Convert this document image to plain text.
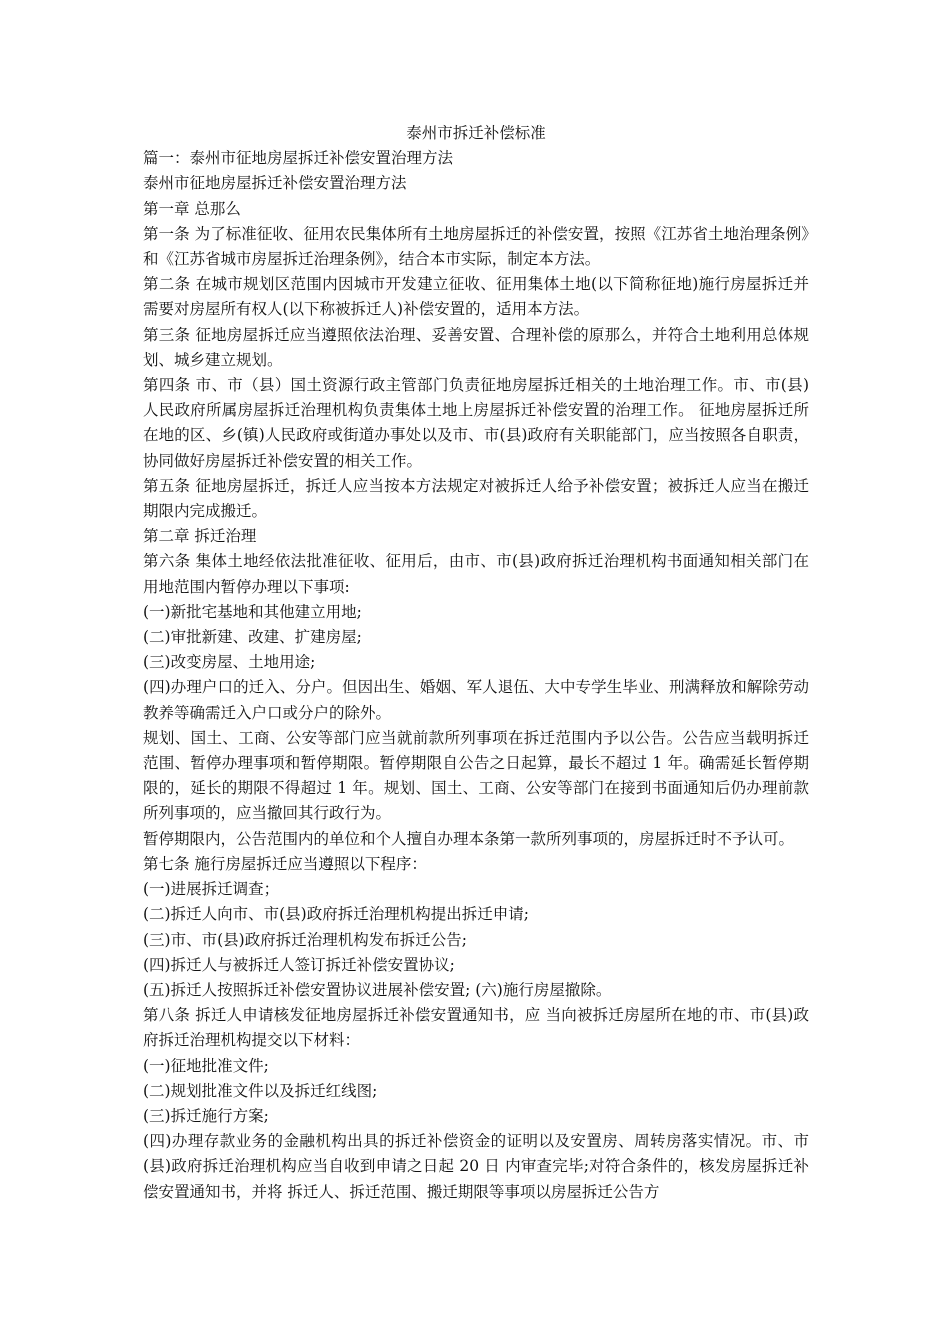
泰州市拆迁补偿标准

篇一：泰州市征地房屋拆迁补偿安置治理方法

泰州市征地房屋拆迁补偿安置治理方法

第一章 总那么

第一条 为了标准征收、征用农民集体所有土地房屋拆迁的补偿安置，按照《江苏省土地治理条例》和《江苏省城市房屋拆迁治理条例》，结合本市实际，制定本方法。

第二条 在城市规划区范围内因城市开发建立征收、征用集体土地(以下简称征地)施行房屋拆迁并需要对房屋所有权人(以下称被拆迁人)补偿安置的，适用本方法。

第三条 征地房屋拆迁应当遵照依法治理、妥善安置、合理补偿的原那么，并符合土地利用总体规划、城乡建立规划。

第四条 市、市（县）国土资源行政主管部门负责征地房屋拆迁相关的土地治理工作。市、市(县)人民政府所属房屋拆迁治理机构负责集体土地上房屋拆迁补偿安置的治理工作。 征地房屋拆迁所在地的区、乡(镇)人民政府或街道办事处以及市、市(县)政府有关职能部门，应当按照各自职责，协同做好房屋拆迁补偿安置的相关工作。

第五条 征地房屋拆迁，拆迁人应当按本方法规定对被拆迁人给予补偿安置；被拆迁人应当在搬迁期限内完成搬迁。

第二章 拆迁治理

第六条 集体土地经依法批准征收、征用后，由市、市(县)政府拆迁治理机构书面通知相关部门在用地范围内暂停办理以下事项:

(一)新批宅基地和其他建立用地;

(二)审批新建、改建、扩建房屋;

(三)改变房屋、土地用途;

(四)办理户口的迁入、分户。但因出生、婚姻、军人退伍、大中专学生毕业、刑满释放和解除劳动教养等确需迁入户口或分户的除外。

规划、国土、工商、公安等部门应当就前款所列事项在拆迁范围内予以公告。公告应当载明拆迁范围、暂停办理事项和暂停期限。暂停期限自公告之日起算，最长不超过 1 年。确需延长暂停期限的，延长的期限不得超过 1 年。规划、国土、工商、公安等部门在接到书面通知后仍办理前款所列事项的，应当撤回其行政行为。

暂停期限内，公告范围内的单位和个人擅自办理本条第一款所列事项的，房屋拆迁时不予认可。

第七条 施行房屋拆迁应当遵照以下程序：

(一)进展拆迁调查；

(二)拆迁人向市、市(县)政府拆迁治理机构提出拆迁申请;

(三)市、市(县)政府拆迁治理机构发布拆迁公告;

(四)拆迁人与被拆迁人签订拆迁补偿安置协议;

(五)拆迁人按照拆迁补偿安置协议进展补偿安置; (六)施行房屋撤除。

第八条 拆迁人申请核发征地房屋拆迁补偿安置通知书，应 当向被拆迁房屋所在地的市、市(县)政府拆迁治理机构提交以下材料：

(一)征地批准文件;

(二)规划批准文件以及拆迁红线图;

(三)拆迁施行方案;

(四)办理存款业务的金融机构出具的拆迁补偿资金的证明以及安置房、周转房落实情况。市、市(县)政府拆迁治理机构应当自收到申请之日起 20 日 内审查完毕;对符合条件的，核发房屋拆迁补偿安置通知书，并将 拆迁人、拆迁范围、搬迁期限等事项以房屋拆迁公告方
